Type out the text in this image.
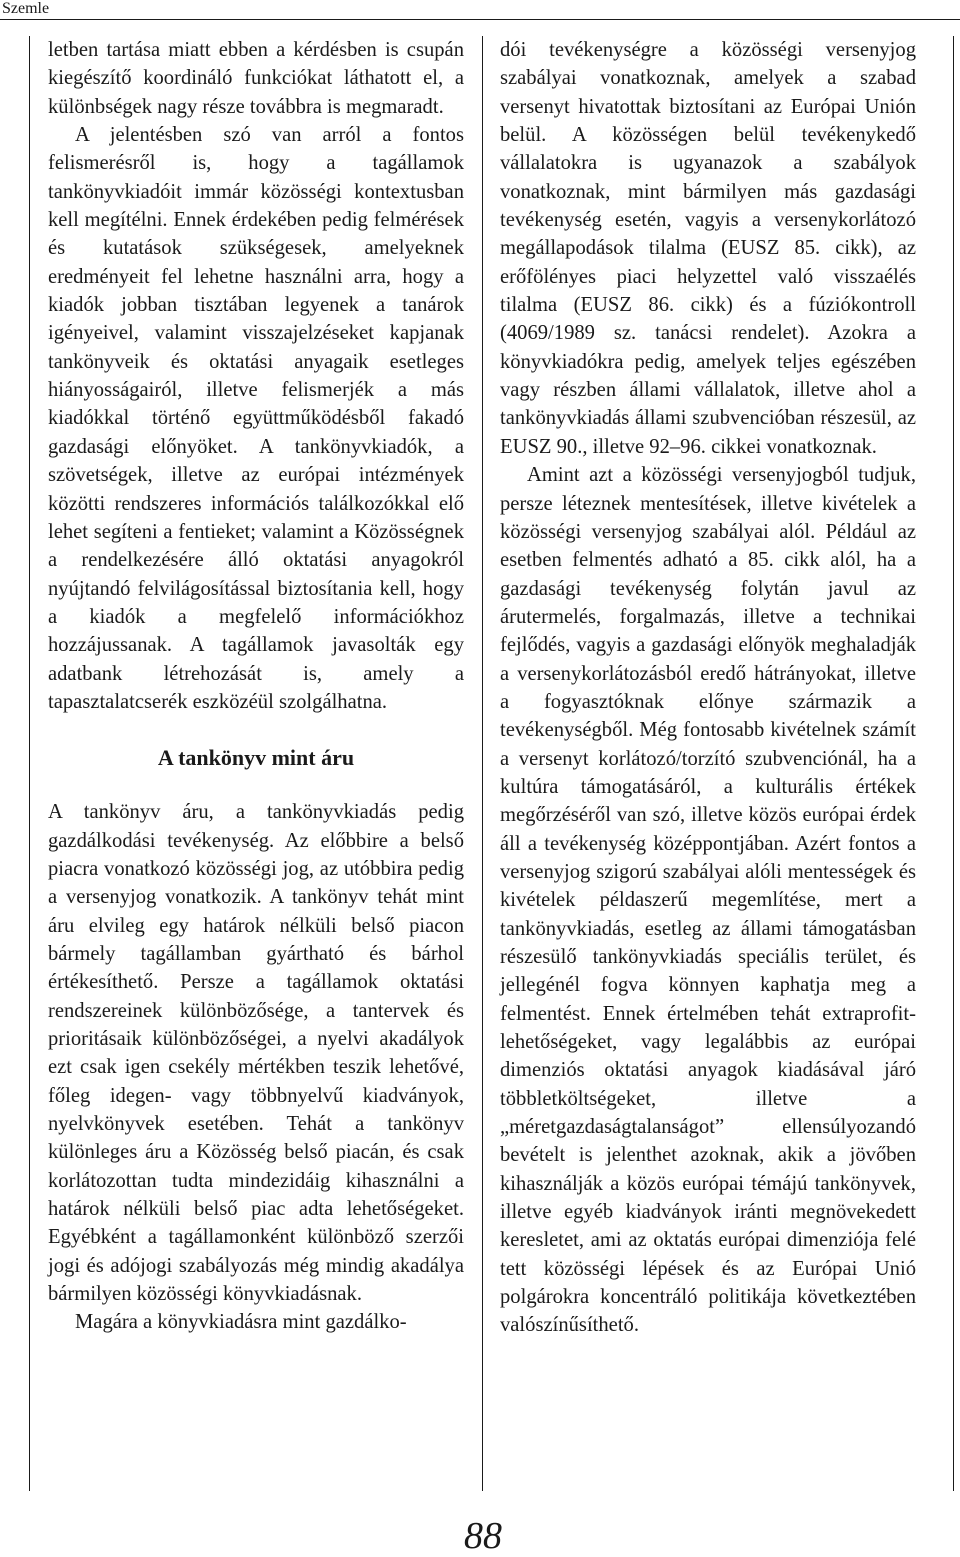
Szemle

letben tartása miatt ebben a kérdésben is csupán kiegészítő koordináló funkciókat láthatott el, a különbségek nagy része továbbra is megmaradt.

A jelentésben szó van arról a fontos felismerésről is, hogy a tagállamok tankönyvkiadóit immár közösségi kontextusban kell megítélni. Ennek érdekében pedig felmérések és kutatások szükségesek, amelyeknek eredményeit fel lehetne használni arra, hogy a kiadók jobban tisztában legyenek a tanárok igényeivel, valamint visszajelzéseket kapjanak tankönyveik és oktatási anyagaik esetleges hiányosságairól, illetve felismerjék a más kiadókkal történő együttműködésből fakadó gazdasági előnyöket. A tankönyvkiadók, a szövetségek, illetve az európai intézmények közötti rendszeres információs találkozókkal elő lehet segíteni a fentieket; valamint a Közösségnek a rendelkezésére álló oktatási anyagokról nyújtandó felvilágosítással biztosítania kell, hogy a kiadók a megfelelő információkhoz hozzájussanak. A tagállamok javasolták egy adatbank létrehozását is, amely a tapasztalatcserék eszközéül szolgálhatna.

A tankönyv mint áru

A tankönyv áru, a tankönyvkiadás pedig gazdálkodási tevékenység. Az előbbire a belső piacra vonatkozó közösségi jog, az utóbbira pedig a versenyjog vonatkozik. A tankönyv tehát mint áru elvileg egy határok nélküli belső piacon bármely tagállamban gyártható és bárhol értékesíthető. Persze a tagállamok oktatási rendszereinek különbözősége, a tantervek és prioritásaik különbözőségei, a nyelvi akadályok ezt csak igen csekély mértékben teszik lehetővé, főleg idegen- vagy többnyelvű kiadványok, nyelvkönyvek esetében. Tehát a tankönyv különleges áru a Közösség belső piacán, és csak korlátozottan tudta mindezidáig kihasználni a határok nélküli belső piac adta lehetőségeket. Egyébként a tagállamonként különböző szerzői jogi és adójogi szabályozás még mindig akadálya bármilyen közösségi könyvkiadásnak.

Magára a könyvkiadásra mint gazdálko-

dói tevékenységre a közösségi versenyjog szabályai vonatkoznak, amelyek a szabad versenyt hivatottak biztosítani az Európai Unión belül. A közösségen belül tevékenykedő vállalatokra is ugyanazok a szabályok vonatkoznak, mint bármilyen más gazdasági tevékenység esetén, vagyis a versenykorlátozó megállapodások tilalma (EUSZ 85. cikk), az erőfölényes piaci helyzettel való visszaélés tilalma (EUSZ 86. cikk) és a fúziókontroll (4069/1989 sz. tanácsi rendelet). Azokra a könyvkiadókra pedig, amelyek teljes egészében vagy részben állami vállalatok, illetve ahol a tankönyvkiadás állami szubvencióban részesül, az EUSZ 90., illetve 92–96. cikkei vonatkoznak.

Amint azt a közösségi versenyjogból tudjuk, persze léteznek mentesítések, illetve kivételek a közösségi versenyjog szabályai alól. Például az esetben felmentés adható a 85. cikk alól, ha a gazdasági tevékenység folytán javul az árutermelés, forgalmazás, illetve a technikai fejlődés, vagyis a gazdasági előnyök meghaladják a versenykorlátozásból eredő hátrányokat, illetve a fogyasztóknak előnye származik a tevékenységből. Még fontosabb kivételnek számít a versenyt korlátozó/torzító szubvenciónál, ha a kultúra támogatásáról, a kulturális értékek megőrzéséről van szó, illetve közös európai érdek áll a tevékenység középpontjában. Azért fontos a versenyjog szigorú szabályai alóli mentességek és kivételek példaszerű megemlítése, mert a tankönyvkiadás, esetleg az állami támogatásban részesülő tankönyvkiadás speciális terület, és jellegénél fogva könnyen kaphatja meg a felmentést. Ennek értelmében tehát extraprofit-lehetőségeket, vagy legalábbis az európai dimenziós oktatási anyagok kiadásával járó többletköltségeket, illetve a „méretgazdaságtalanságot” ellensúlyozandó bevételt is jelenthet azoknak, akik a jövőben kihasználják a közös európai témájú tankönyvek, illetve egyéb kiadványok iránti megnövekedett keresletet, ami az oktatás európai dimenziója felé tett közösségi lépések és az Európai Unió polgárokra koncentráló politikája következtében valószínűsíthető.

88
